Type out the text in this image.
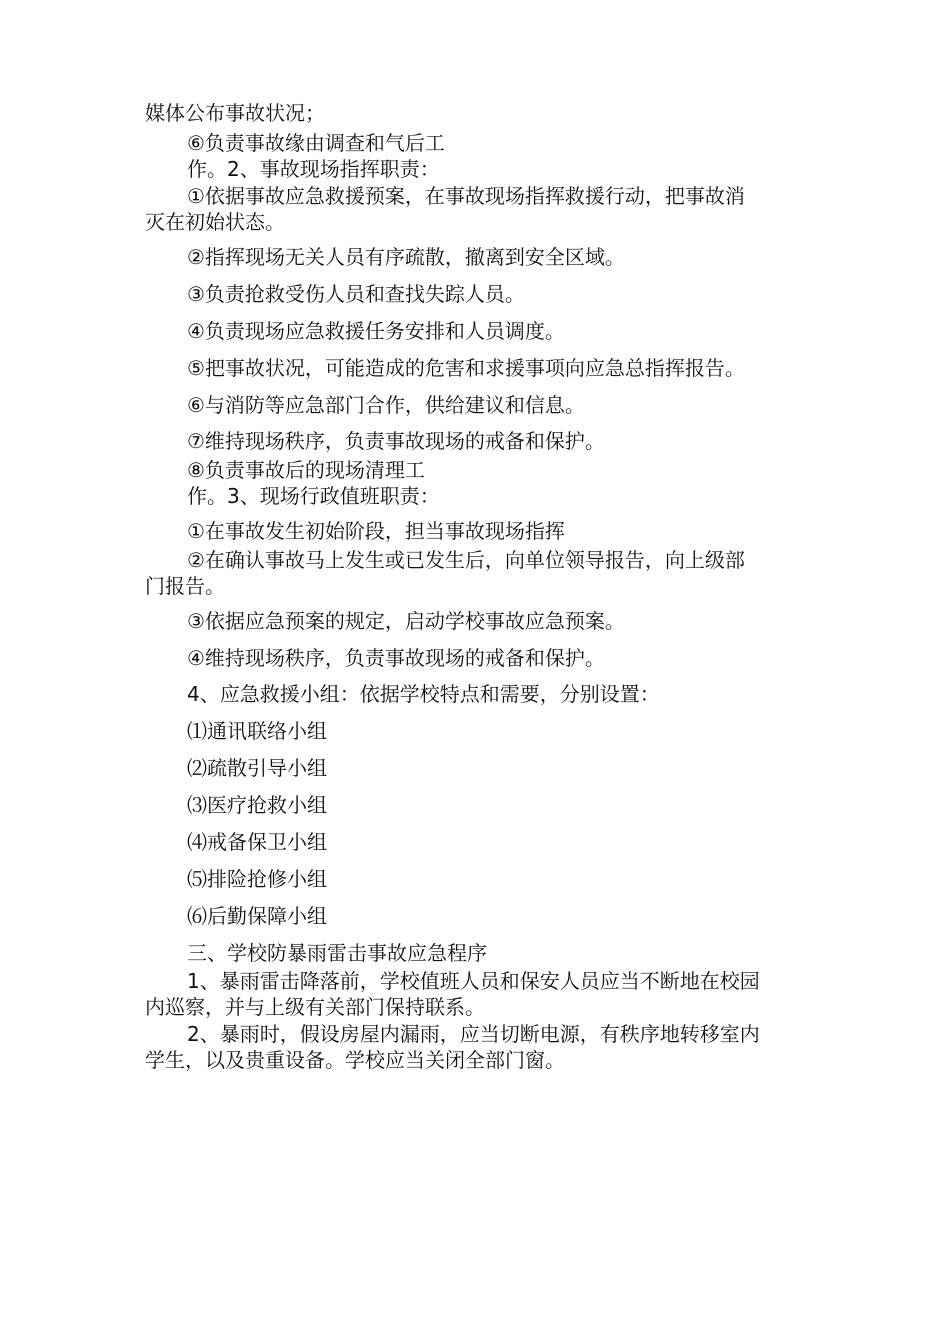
媒体公布事故状况；
⑥负责事故缘由调查和气后工
作。2、事故现场指挥职责：
①依据事故应急救援预案，在事故现场指挥救援行动，把事故消
灭在初始状态。
②指挥现场无关人员有序疏散，撤离到安全区域。
③负责抢救受伤人员和查找失踪人员。
④负责现场应急救援任务安排和人员调度。
⑤把事故状况，可能造成的危害和求援事项向应急总指挥报告。
⑥与消防等应急部门合作，供给建议和信息。
⑦维持现场秩序，负责事故现场的戒备和保护。
⑧负责事故后的现场清理工
作。3、现场行政值班职责：
①在事故发生初始阶段，担当事故现场指挥
②在确认事故马上发生或已发生后，向单位领导报告，向上级部
门报告。
③依据应急预案的规定，启动学校事故应急预案。
④维持现场秩序，负责事故现场的戒备和保护。
4、应急救援小组：依据学校特点和需要，分别设置：
⑴通讯联络小组
⑵疏散引导小组
⑶医疗抢救小组
⑷戒备保卫小组
⑸排险抢修小组
⑹后勤保障小组
三、学校防暴雨雷击事故应急程序
1、暴雨雷击降落前，学校值班人员和保安人员应当不断地在校园
内巡察，并与上级有关部门保持联系。
2、暴雨时，假设房屋内漏雨，应当切断电源，有秩序地转移室内
学生，以及贵重设备。学校应当关闭全部门窗。
